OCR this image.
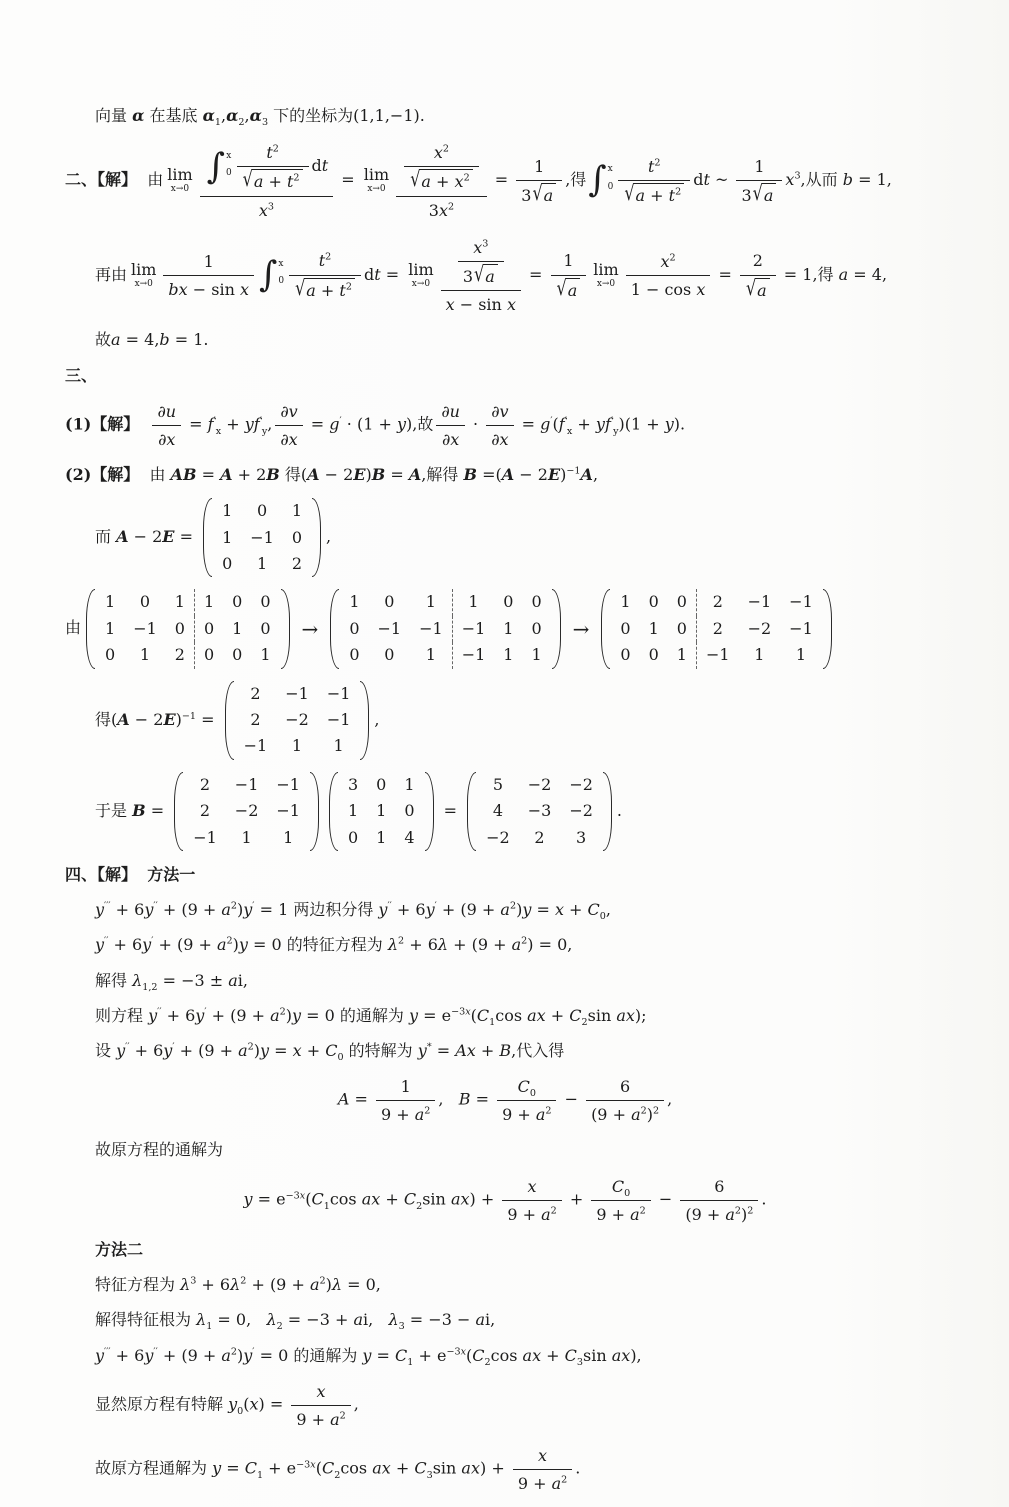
向量 α 在基底 $\alpha_1,\alpha_2,\alpha_3$ 下的坐标为(1,1,−1).
二、【解】  由 lim
x→0 ∫ x
$0 \frac{t^2}{√a + t^2}$ dt
$x^3 = \lim$
$x\to 0 \frac{\frac{x^2}{√a + x^2}}{3x^2} = \frac{1}{3√a}$ ,得 ∫ x
$0 \frac{t^2}{√a + t^2}$ dt ~ $\frac{1}{3√a} x^3$,从而 b = 1,
再由 lim
$x\to 0 \frac{1}{\text{bx − sin x}}$ ∫ x
$0 \frac{t^2}{√a + t^2}$ dt = lim
$x\to 0 \frac{\frac{x^3}{3√a}}{\text{x − sin x}} = \frac{1}{√a}$ lim
$x\to 0 \frac{x^2}{\text{1 − cos x}} = \frac{2}{√a} = 1$,得 a = 4,
故a = 4,b = 1.
三、
(1)【解】 $\frac{\partial u}{\partial x} = f'_x + yf'_y$, $\frac{\partial v}{\partial x} = g' \cdot (1 + y)$,故 $\frac{\partial u}{\partial x} \cdot \frac{\partial v}{\partial x} = g'(f'_x + yf'_y)(1 + y)$.
(2)【解】  由 AB = A + 2B 得(A − 2E)B = A,解得 $B =(A - 2E)^{-1}A$,
而 A − 2E =
1	0	1
1	−1	0
0	1	2
,
由
1	0	1	1	0	0
1	−1	0	0	1	0
0	1	2	0	0	1
→
1	0	1	1	0	0
0	−1	−1	−1	1	0
0	0	1	−1	1	1
→
1	0	0	2	−1	−1
0	1	0	2	−2	−1
0	0	1	−1	1	1
得$(A - 2E)^{-1}$ =
2	−1	−1
2	−2	−1
−1	1	1
,
于是 B =
2	−1	−1
2	−2	−1
−1	1	1
3	0	1
1	1	0
0	1	4
=
5	−2	−2
4	−3	−2
−2	2	3
.
四、【解】 方法一
$y''' + 6y'' + (9 + a^2)y' = 1$ 两边积分得 $y'' + 6y' + (9 + a^2)y = x + C_0$,
$y'' + 6y' + (9 + a^2)y = 0$ 的特征方程为 $\lambda^2 + 6\lambda + (9 + a^2) = 0$,
解得 $\lambda_{1,2} = -3$ ± ai,
则方程 $y'' + 6y' + (9 + a^2)y = 0$ 的通解为 $y = e^{-3x}(C_1\cos$ ax + $C_2\sin$ ax);
设 $y'' + 6y' + (9 + a^2)y = x + C_0$ 的特解为 y* = Ax + B,代入得
$A = \frac{1}{9 + a^2}$ ,   $B = \frac{C_0}{9 + a^2} - \frac{6}{(9 + a^2)^2}$ ,
故原方程的通解为
$y = e^{-3x}(C_1\cos$ ax + $C_2\sin$ $ax) + \frac{x}{9 + a^2} + \frac{C_0}{9 + a^2} - \frac{6}{(9 + a^2)^2}$ .
方法二
特征方程为 $\lambda^3 + 6\lambda^2 + (9 + a^2)\lambda = 0$,
解得特征根为 $\lambda_1 = 0$,   $\lambda_2 = -3$ + ai,   $\lambda_3 = -3$ − ai,
$y''' + 6y'' + (9 + a^2)y' = 0$ 的通解为 $y = C_1 + e^{-3x}(C_2\cos$ ax + $C_3\sin$ ax),
显然原方程有特解 $y_0(x) = \frac{x}{9 + a^2}$ ,
故原方程通解为 $y = C_1 + e^{-3x}(C_2\cos$ ax + $C_3\sin$ $ax) + \frac{x}{9 + a^2}$ .
